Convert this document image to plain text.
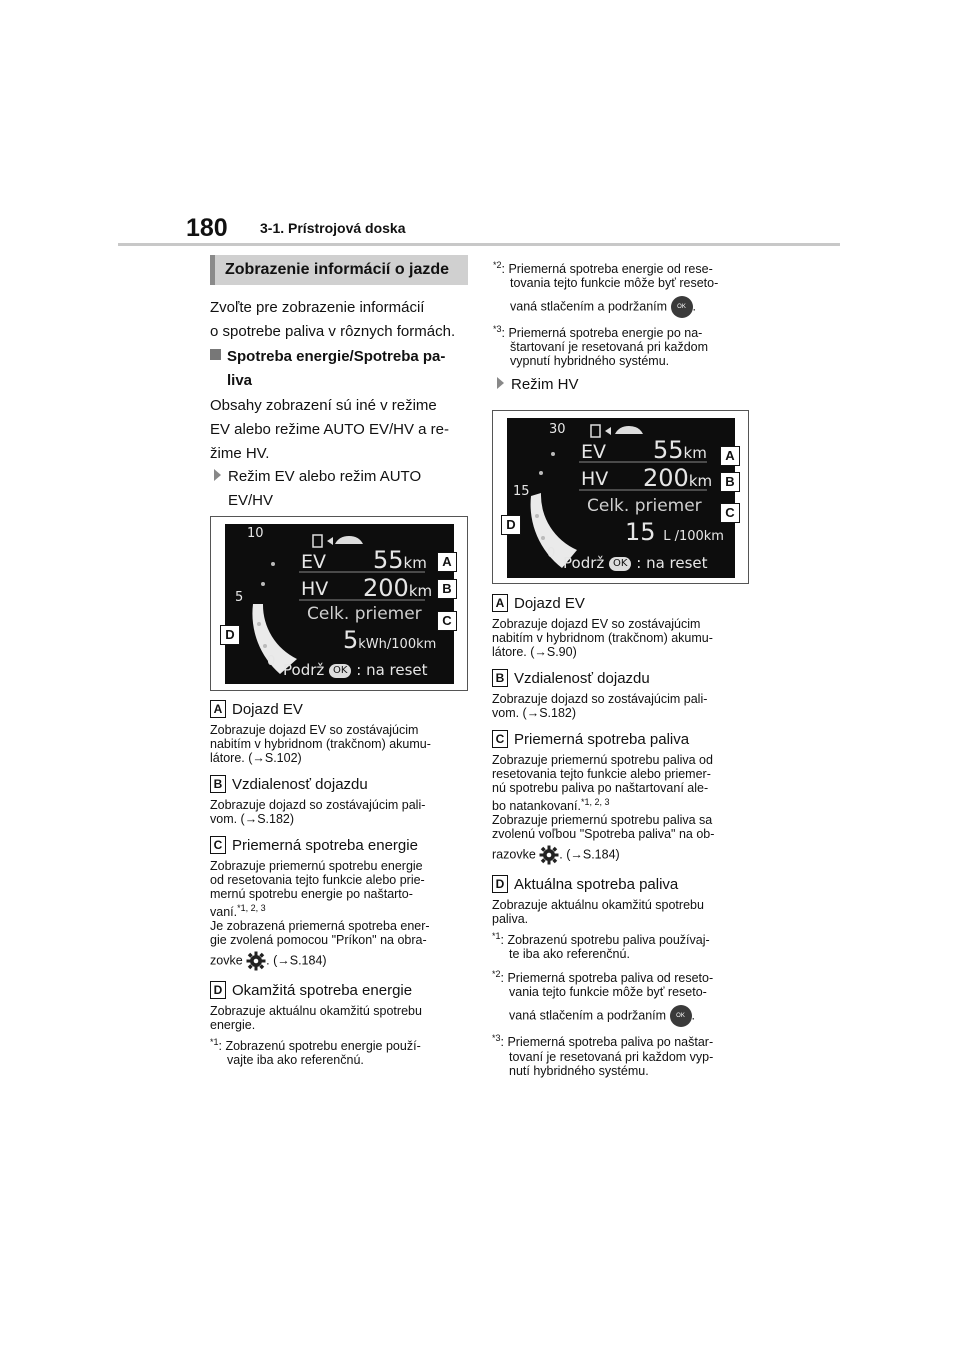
180 3-1. Prístrojová doska
Zobrazenie informácií o jazde
Zvoľte pre zobrazenie informácií
o spotrebe paliva v rôznych formách.
Spotreba energie/Spotreba pa-
liva
Obsahy zobrazení sú iné v režime
EV alebo režime AUTO EV/HV a re-
žime HV.
Režim EV alebo režim AUTO
EV/HV
10
5
0
EV 55km
HV 200km
Celk. priemer
5kWh/100km
Podrž OK : na reset
A
B
C
D
A Dojazd EV
Zobrazuje dojazd EV so zostávajúcim
nabitím v hybridnom (trakčnom) akumu-
látore. (→S.102)
B Vzdialenosť dojazdu
Zobrazuje dojazd so zostávajúcim pali-
vom. (→S.182)
C Priemerná spotreba energie
Zobrazuje priemernú spotrebu energie
od resetovania tejto funkcie alebo prie-
mernú spotrebu energie po naštarto-
vaní.$^{*1, 2, 3}$
Je zobrazená priemerná spotreba ener-
gie zvolená pomocou "Príkon" na obra-
zovke . (→S.184)
D Okamžitá spotreba energie
Zobrazuje aktuálnu okamžitú spotrebu
energie.
$^{*1}$: Zobrazenú spotrebu energie použí-
vajte iba ako referenčnú.
$^{*2}$: Priemerná spotreba energie od rese-
tovania tejto funkcie môže byť reseto-
vaná stlačením a podržaním OK .
$^{*3}$: Priemerná spotreba energie po na-
štartovaní je resetovaná pri každom
vypnutí hybridného systému.
Režim HV
30
15
0
EV 55km
HV 200km
Celk. priemer
15 L /100km
Podrž OK : na reset
A
B
C
D
A Dojazd EV
Zobrazuje dojazd EV so zostávajúcim
nabitím v hybridnom (trakčnom) akumu-
látore. (→S.90)
B Vzdialenosť dojazdu
Zobrazuje dojazd so zostávajúcim pali-
vom. (→S.182)
C Priemerná spotreba paliva
Zobrazuje priemernú spotrebu paliva od
resetovania tejto funkcie alebo priemer-
nú spotrebu paliva po naštartovaní ale-
bo natankovaní.$^{*1, 2, 3}$
Zobrazuje priemernú spotrebu paliva sa
zvolenú voľbou "Spotreba paliva" na ob-
razovke . (→S.184)
D Aktuálna spotreba paliva
Zobrazuje aktuálnu okamžitú spotrebu
paliva.
$^{*1}$: Zobrazenú spotrebu paliva používaj-
te iba ako referenčnú.
$^{*2}$: Priemerná spotreba paliva od reseto-
vania tejto funkcie môže byť reseto-
vaná stlačením a podržaním OK .
$^{*3}$: Priemerná spotreba paliva po naštar-
tovaní je resetovaná pri každom vyp-
nutí hybridného systému.
